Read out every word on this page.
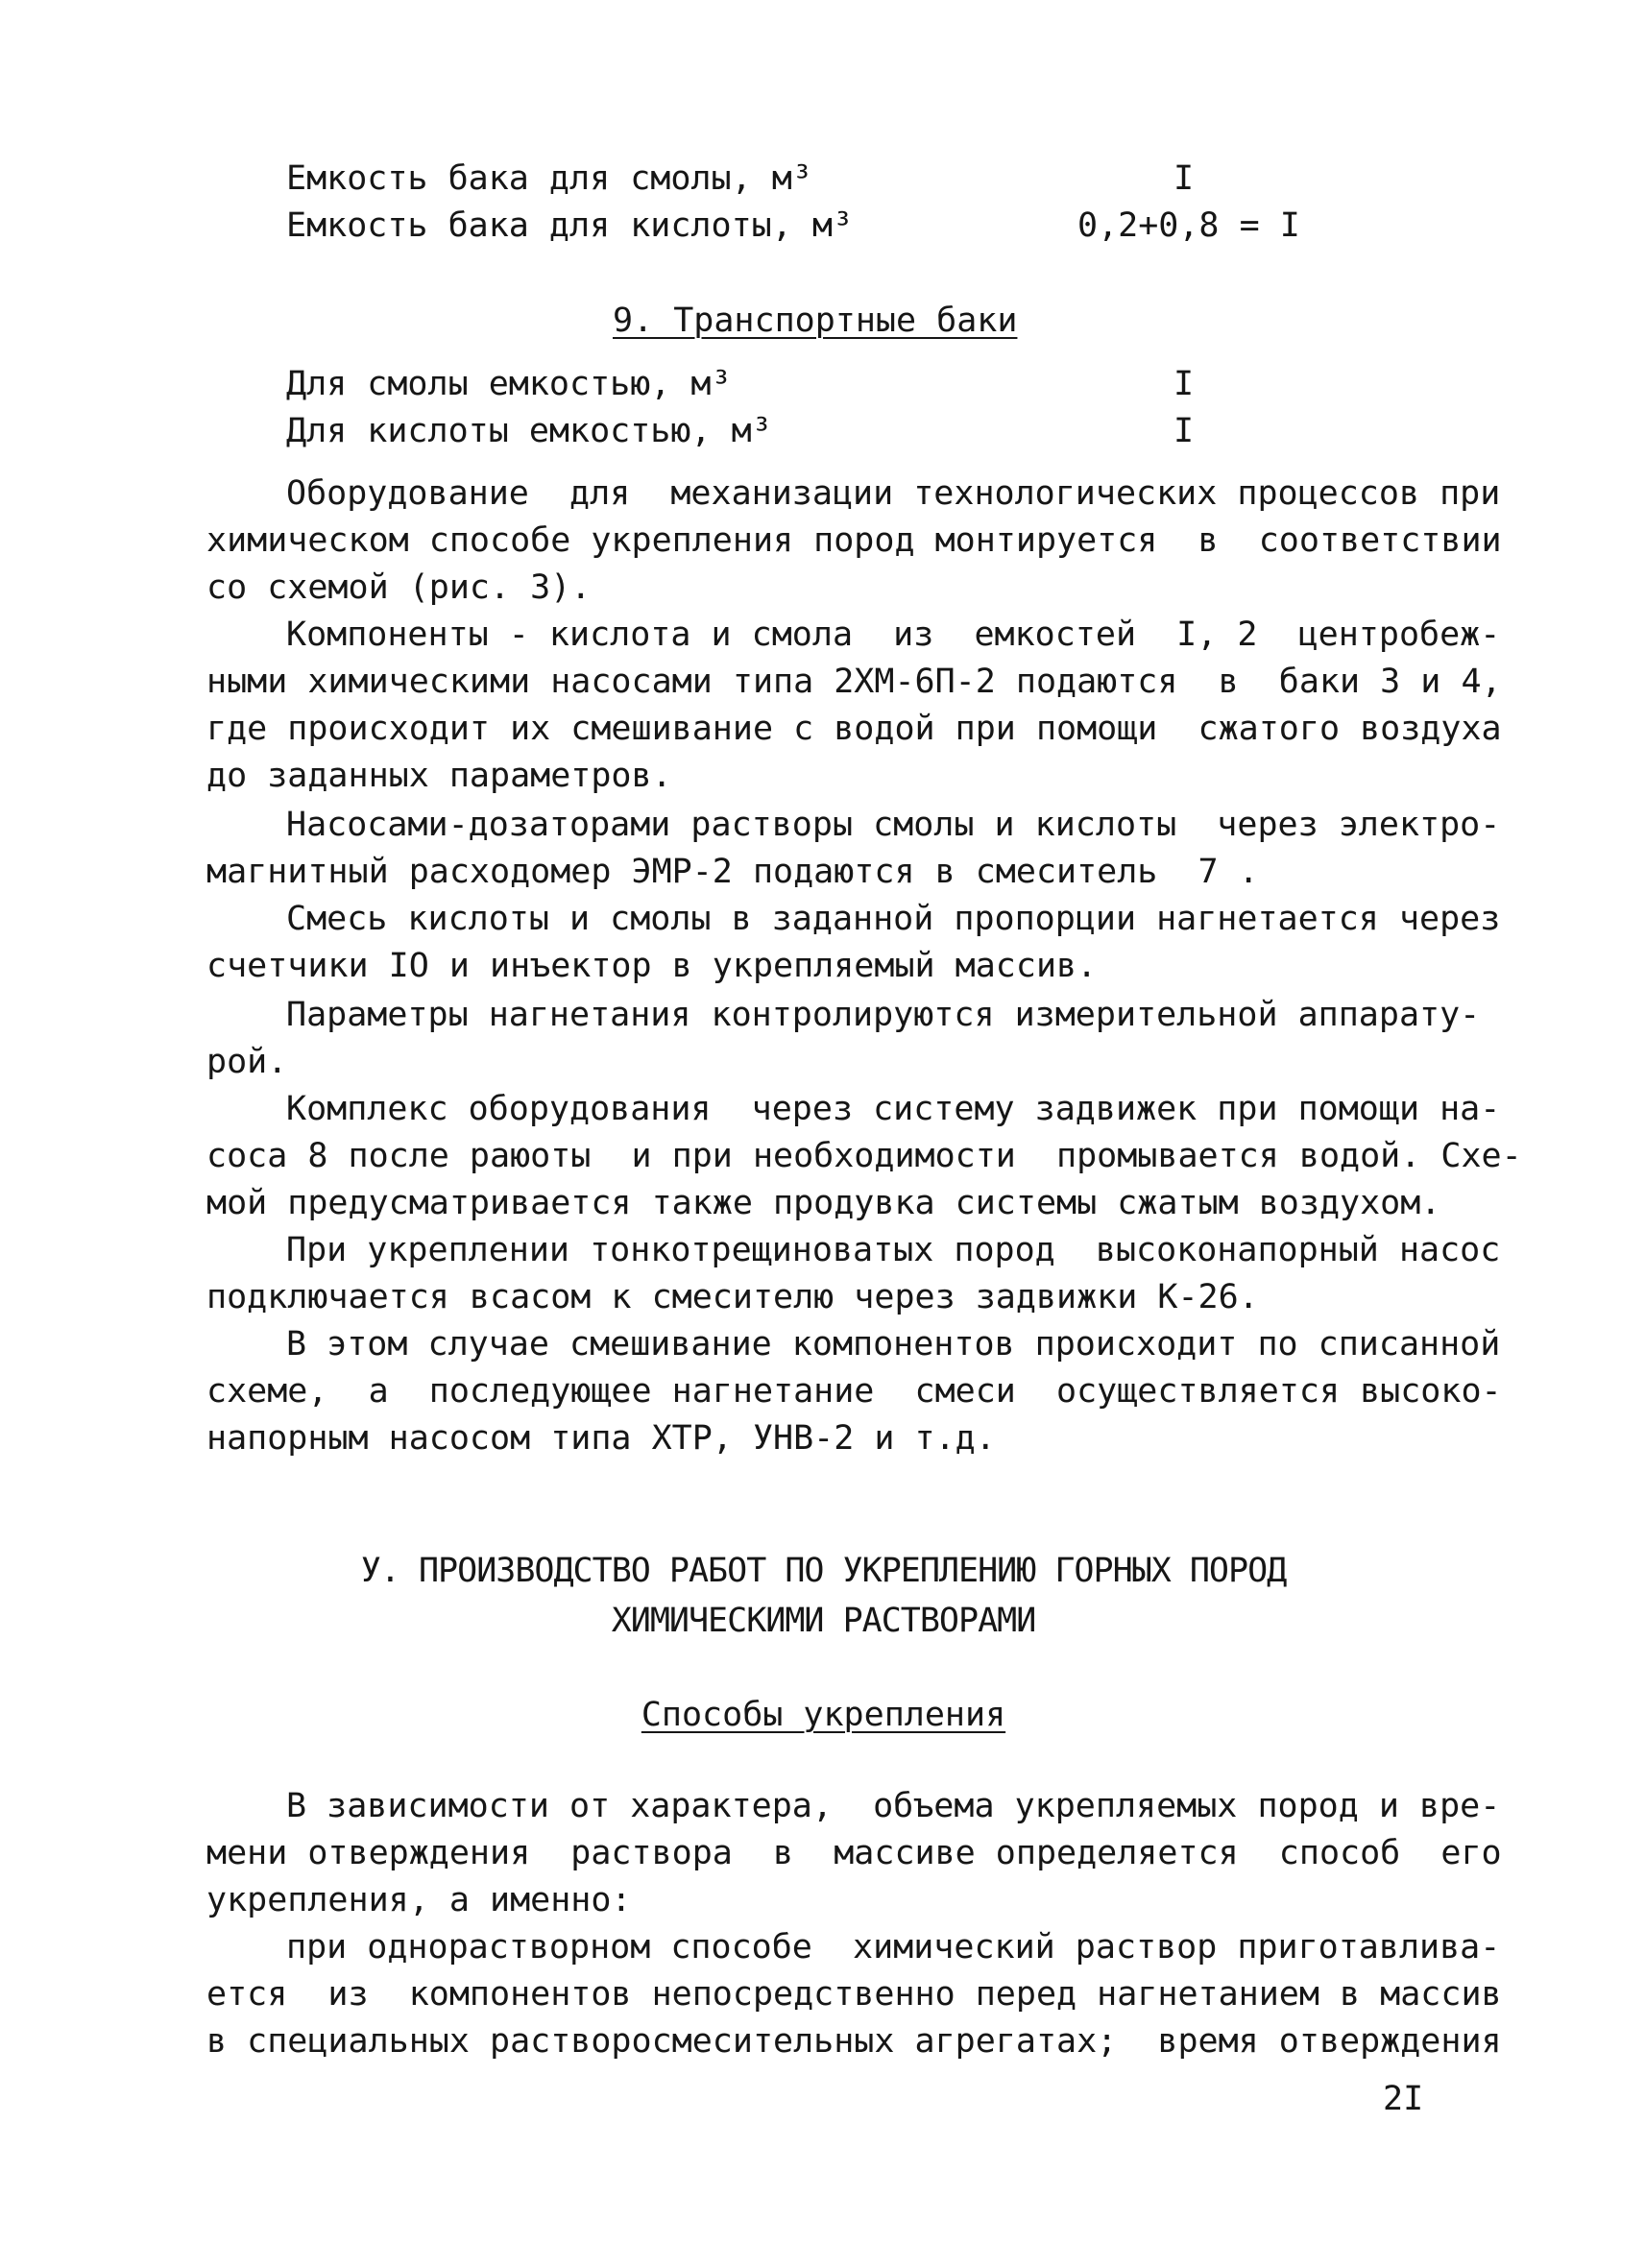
Емкость бака для смолы, м³	I
Емкость бака для кислоты, м³	0,2+0,8 = I
9. Транспортные баки
Для смолы емкостью, м³	I
Для кислоты емкостью, м³	I
Оборудование  для  механизации технологических процессов при
химическом способе укрепления пород монтируется  в  соответствии
со схемой (рис. 3).
Компоненты - кислота и смола  из  емкостей  I, 2  центробеж-
ными химическими насосами типа 2ХМ-6П-2 подаются  в  баки 3 и 4,
где происходит их смешивание с водой при помощи  сжатого воздуха
до заданных параметров.
Насосами-дозаторами растворы смолы и кислоты  через электро-
магнитный расходомер ЭМР-2 подаются в смеситель  7 .
Смесь кислоты и смолы в заданной пропорции нагнетается через
счетчики IO и инъектор в укрепляемый массив.
Параметры нагнетания контролируются измерительной аппарату-
рой.
Комплекс оборудования  через систему задвижек при помощи на-
соса 8 после раюоты  и при необходимости  промывается водой. Схе-
мой предусматривается также продувка системы сжатым воздухом.
При укреплении тонкотрещиноватых пород  высоконапорный насос
подключается всасом к смесителю через задвижки К-26.
В этом случае смешивание компонентов происходит по списанной
схеме,  а  последующее нагнетание  смеси  осуществляется высоко-
напорным насосом типа ХТР, УНВ-2 и т.д.
У. ПРОИЗВОДСТВО РАБОТ ПО УКРЕПЛЕНИЮ ГОРНЫХ ПОРОД
ХИМИЧЕСКИМИ РАСТВОРАМИ
Способы укрепления
В зависимости от характера,  объема укрепляемых пород и вре-
мени отверждения  раствора  в  массиве определяется  способ  его
укрепления, а именно:
при однорастворном способе  химический раствор приготавлива-
ется  из  компонентов непосредственно перед нагнетанием в массив
в специальных растворосмесительных агрегатах;  время отверждения
2I
